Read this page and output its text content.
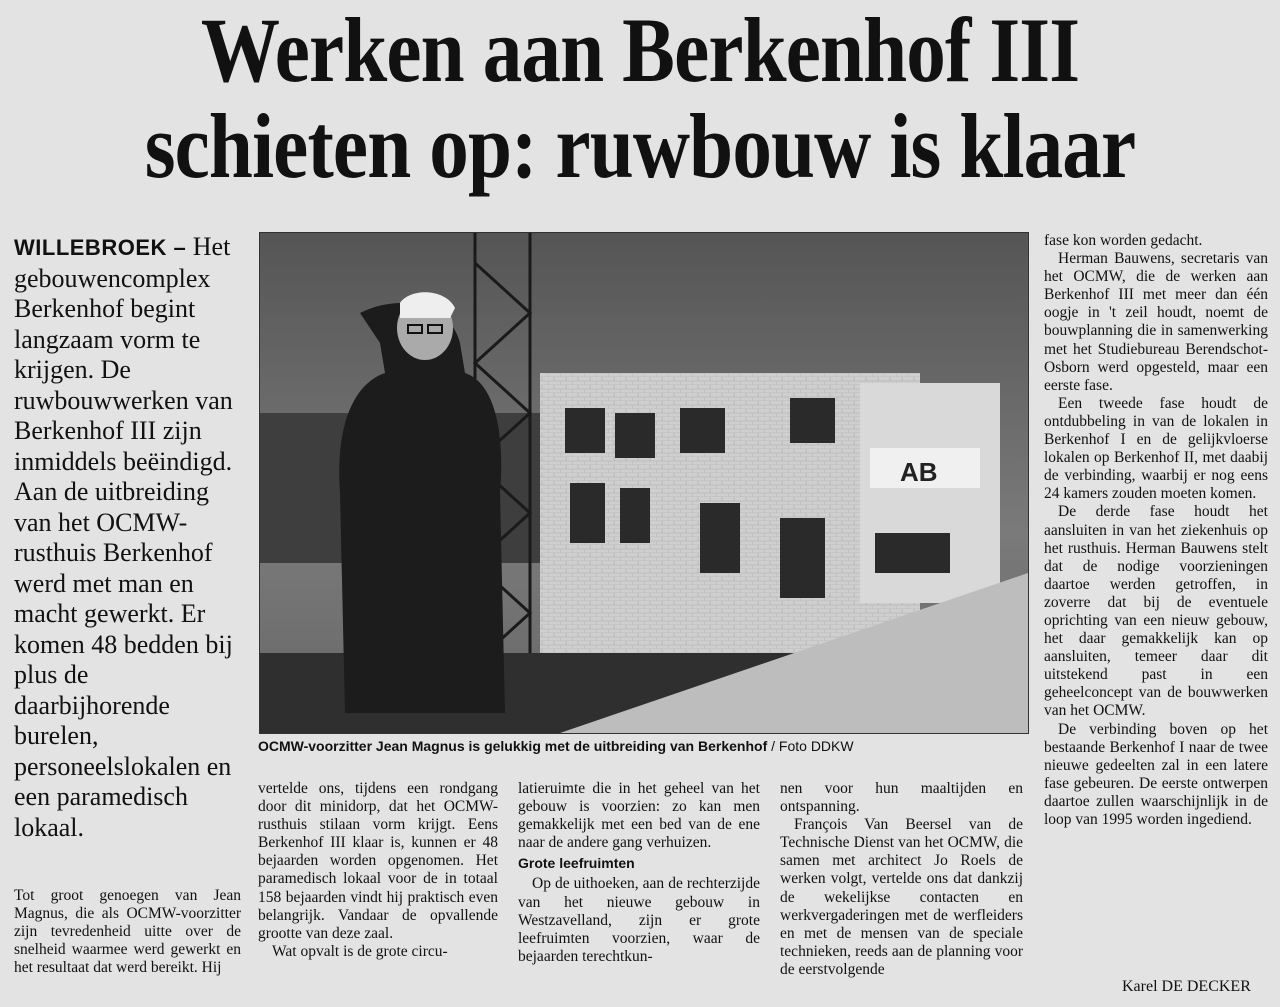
Werken aan Berkenhof III
schieten op: ruwbouw is klaar
WILLEBROEK – Het gebouwencomplex Berkenhof begint langzaam vorm te krijgen. De ruwbouwwerken van Berkenhof III zijn inmiddels beëindigd. Aan de uitbreiding van het OCMW-rusthuis Berkenhof werd met man en macht gewerkt. Er komen 48 bedden bij plus de daarbijhorende burelen, personeelslokalen en een paramedisch lokaal.
AB
OCMW-voorzitter Jean Magnus is gelukkig met de uitbreiding van Berkenhof / Foto DDKW

Tot groot genoegen van Jean Magnus, die als OCMW-voorzitter zijn tevredenheid uitte over de snelheid waarmee werd gewerkt en het resultaat dat werd bereikt. Hij

vertelde ons, tijdens een rondgang door dit minidorp, dat het OCMW-rusthuis stilaan vorm krijgt. Eens Berkenhof III klaar is, kunnen er 48 bejaarden worden opgenomen. Het paramedisch lokaal voor de in totaal 158 bejaarden vindt hij praktisch even belangrijk. Vandaar de opvallende grootte van deze zaal.

Wat opvalt is de grote circu-

latieruimte die in het geheel van het gebouw is voorzien: zo kan men gemakkelijk met een bed van de ene naar de andere gang verhuizen.

Grote leefruimten

Op de uithoeken, aan de rechterzijde van het nieuwe gebouw in Westzavelland, zijn er grote leefruimten voorzien, waar de bejaarden terechtkun-

nen voor hun maaltijden en ontspanning.

François Van Beersel van de Technische Dienst van het OCMW, die samen met architect Jo Roels de werken volgt, vertelde ons dat dankzij de wekelijkse contacten en werkvergaderingen met de werfleiders en met de mensen van de speciale technieken, reeds aan de planning voor de eerstvolgende

fase kon worden gedacht.

Herman Bauwens, secretaris van het OCMW, die de werken aan Berkenhof III met meer dan één oogje in 't zeil houdt, noemt de bouwplanning die in samenwerking met het Studiebureau Berendschot-Osborn werd opgesteld, maar een eerste fase.

Een tweede fase houdt de ontdubbeling in van de lokalen in Berkenhof I en de gelijkvloerse lokalen op Berkenhof II, met daabij de verbinding, waarbij er nog eens 24 kamers zouden moeten komen.

De derde fase houdt het aansluiten in van het ziekenhuis op het rusthuis. Herman Bauwens stelt dat de nodige voorzieningen daartoe werden getroffen, in zoverre dat bij de eventuele oprichting van een nieuw gebouw, het daar gemakkelijk kan op aansluiten, temeer daar dit uitstekend past in een geheelconcept van de bouwwerken van het OCMW.

De verbinding boven op het bestaande Berkenhof I naar de twee nieuwe gedeelten zal in een latere fase gebeuren. De eerste ontwerpen daartoe zullen waarschijnlijk in de loop van 1995 worden ingediend.

Karel DE DECKER
